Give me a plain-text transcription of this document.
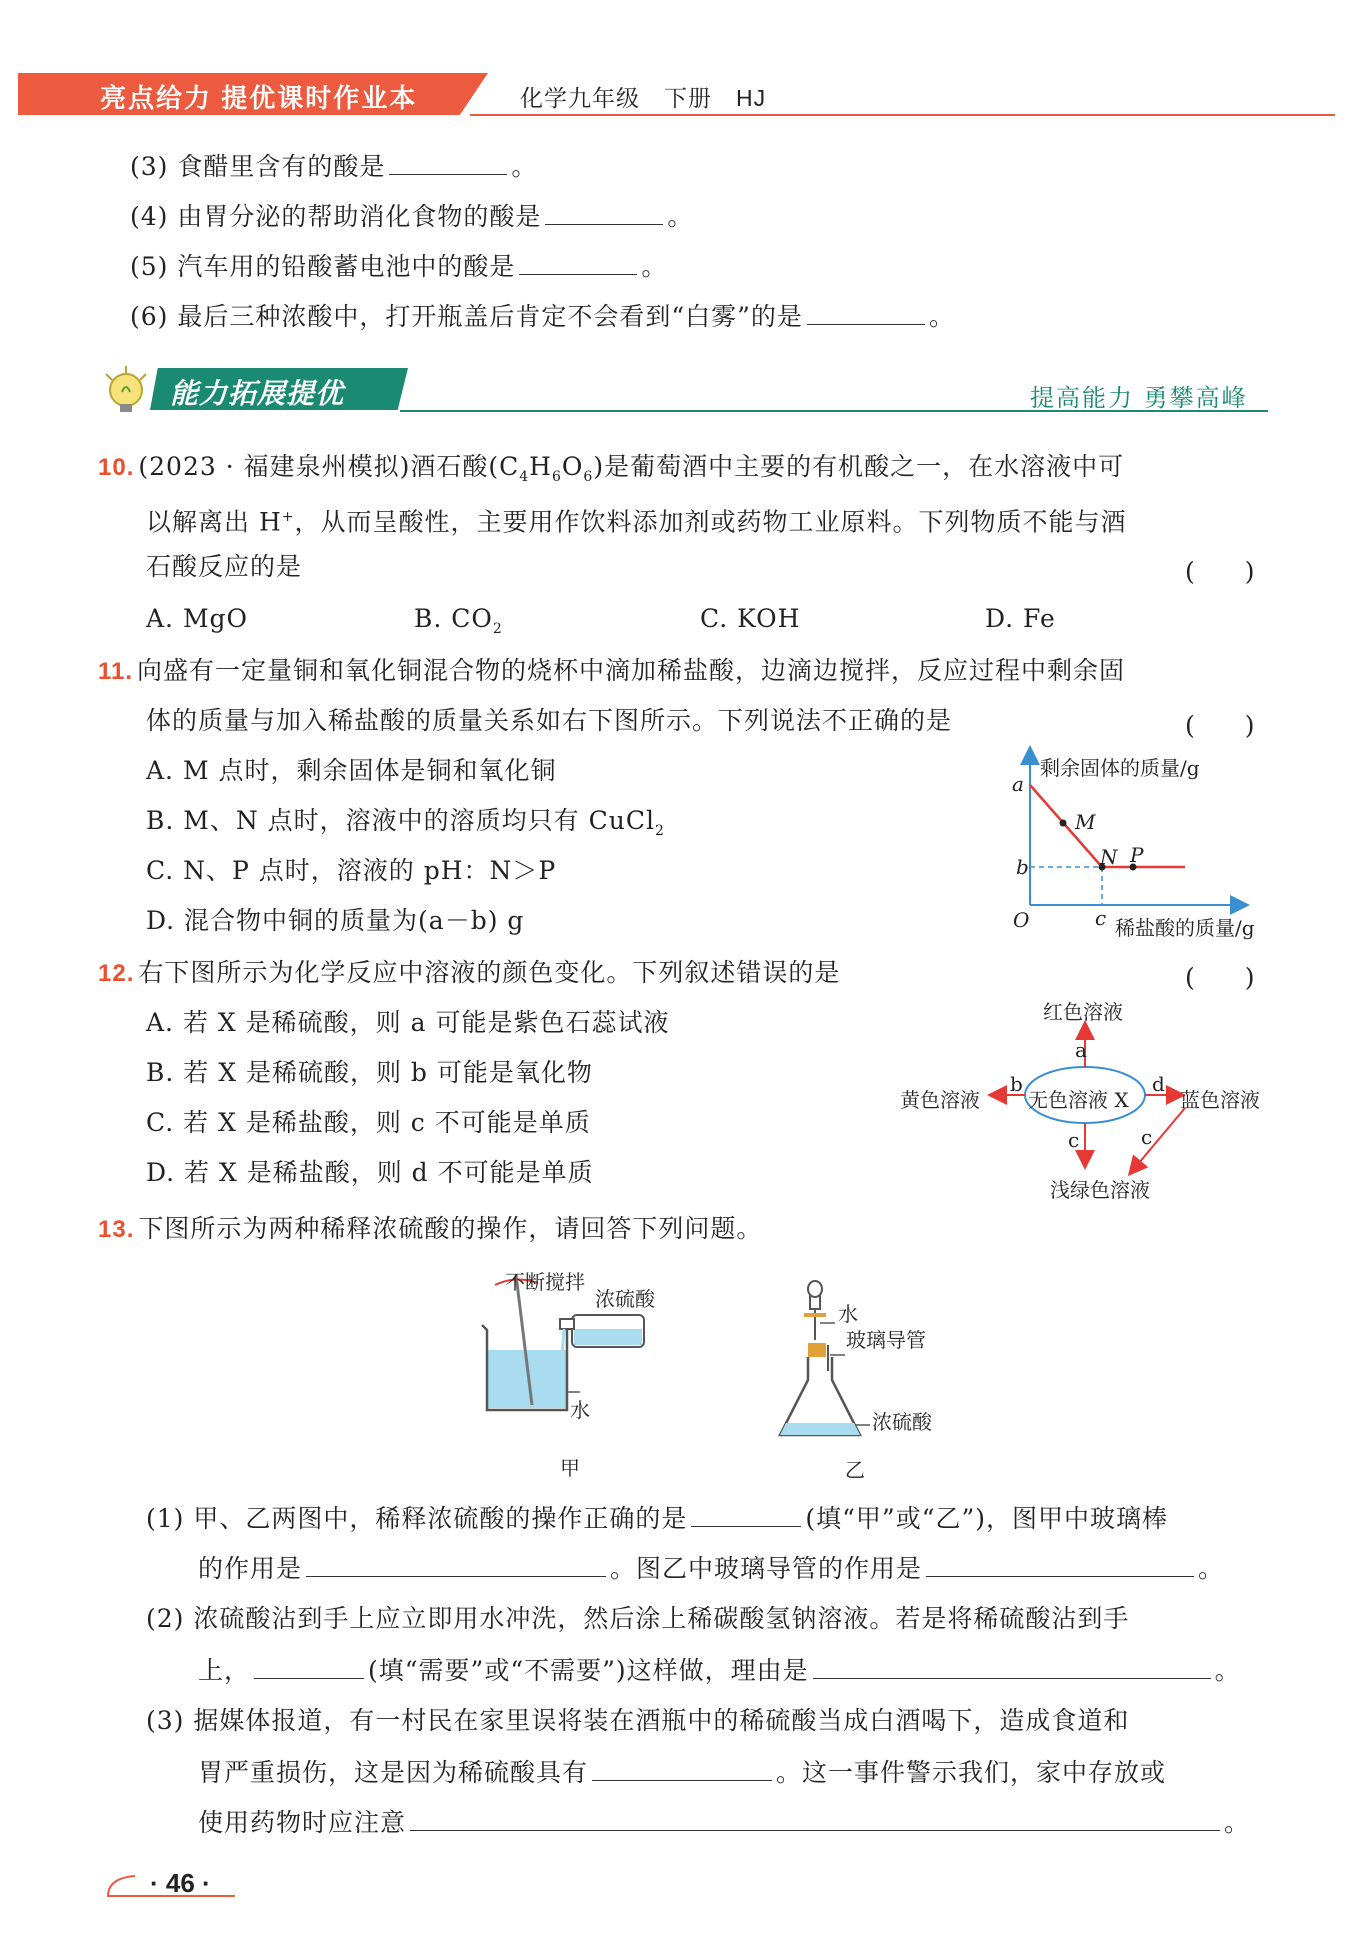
亮点给力 提优课时作业本	化学九年级　下册　HJ
(3) 食醋里含有的酸是	。
(4) 由胃分泌的帮助消化食物的酸是	。
(5) 汽车用的铅酸蓄电池中的酸是	。
(6) 最后三种浓酸中，打开瓶盖后肯定不会看到“白雾”的是	。
能力拓展提优	提高能力 勇攀高峰
10. (2023 · 福建泉州模拟)酒石酸$(C_4H_6O_6)$是葡萄酒中主要的有机酸之一，在水溶液中可
以解离出 H+，从而呈酸性，主要用作饮料添加剂或药物工业原料。下列物质不能与酒
石酸反应的是	(　　)
A. MgO	B. $CO_2$	C. KOH	D. Fe
11. 向盛有一定量铜和氧化铜混合物的烧杯中滴加稀盐酸，边滴边搅拌，反应过程中剩余固
体的质量与加入稀盐酸的质量关系如右下图所示。下列说法不正确的是	(　　)
A. M 点时，剩余固体是铜和氧化铜
B. M、N 点时，溶液中的溶质均只有 CuCl$_2$
C. N、P 点时，溶液的 pH：N＞P
D. 混合物中铜的质量为(a－b) g
剩余固体的质量/g
a
b
M
N P
O	c 稀盐酸的质量/g
12. 右下图所示为化学反应中溶液的颜色变化。下列叙述错误的是	(　　)
A. 若 X 是稀硫酸，则 a 可能是紫色石蕊试液
B. 若 X 是稀硫酸，则 b 可能是氧化物
C. 若 X 是稀盐酸，则 c 不可能是单质
D. 若 X 是稀盐酸，则 d 不可能是单质
红色溶液
a
黄色溶液
b
无色溶液 X
d
蓝色溶液
c	c
浅绿色溶液
13. 下图所示为两种稀释浓硫酸的操作，请回答下列问题。
不断搅拌
浓硫酸
水
甲
水
玻璃导管
浓硫酸
乙
(1) 甲、乙两图中，稀释浓硫酸的操作正确的是	(填“甲”或“乙”)，图甲中玻璃棒
的作用是	。图乙中玻璃导管的作用是	。
(2) 浓硫酸沾到手上应立即用水冲洗，然后涂上稀碳酸氢钠溶液。若是将稀硫酸沾到手
上，	(填“需要”或“不需要”)这样做，理由是	。
(3) 据媒体报道，有一村民在家里误将装在酒瓶中的稀硫酸当成白酒喝下，造成食道和
胃严重损伤，这是因为稀硫酸具有	。这一事件警示我们，家中存放或
使用药物时应注意	。
· 46 ·
